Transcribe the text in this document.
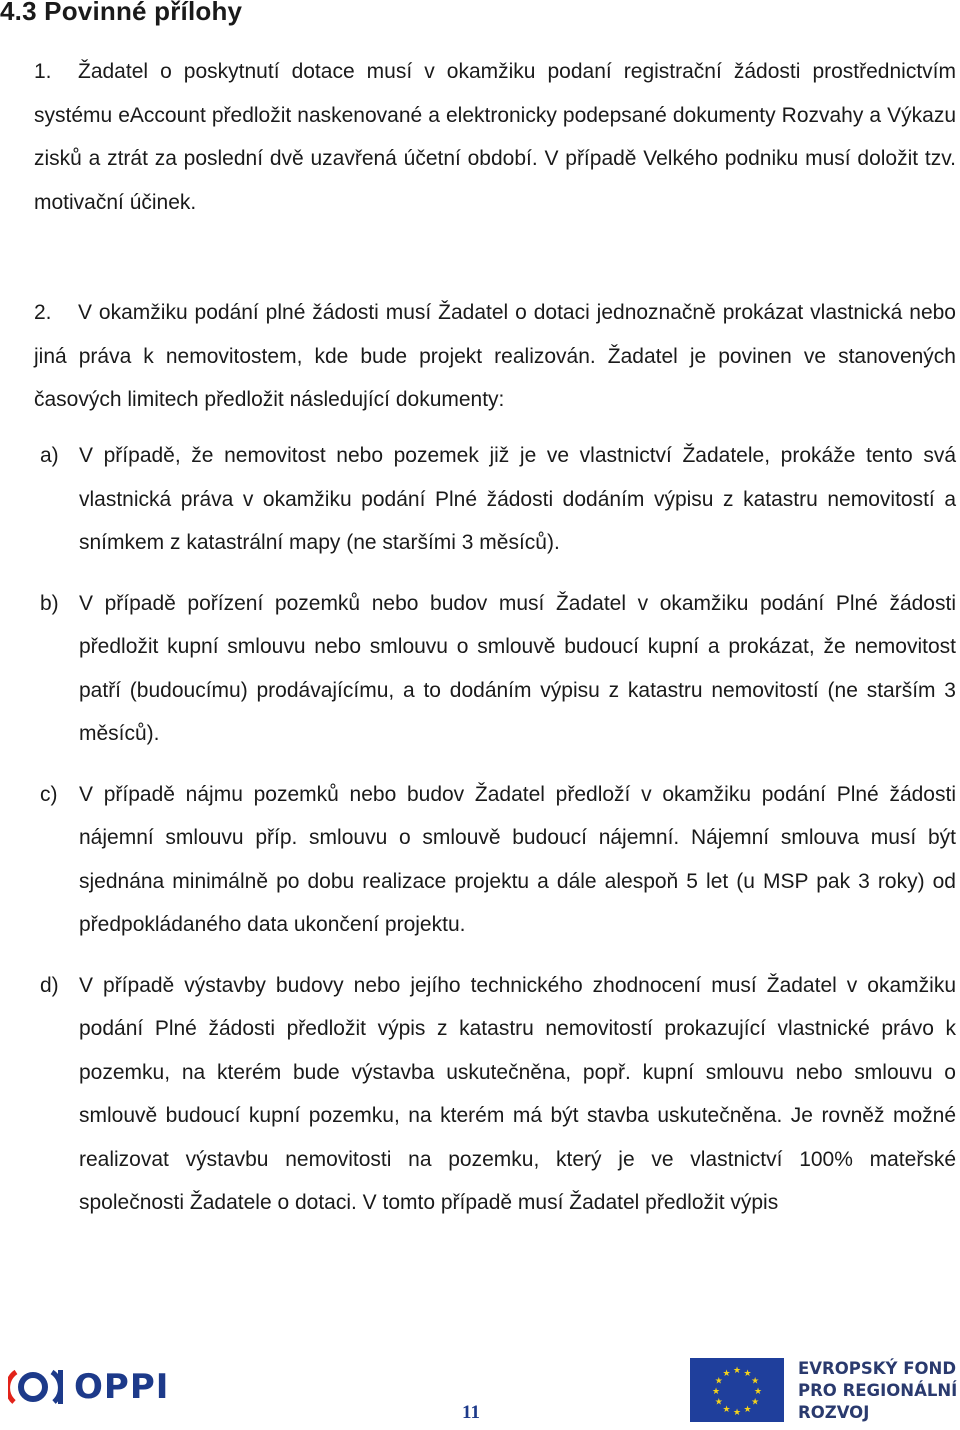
4.3 Povinné přílohy

1. Žadatel o poskytnutí dotace musí v okamžiku podaní registrační žádosti prostřednictvím systému eAccount předložit naskenované a elektronicky podepsané dokumenty Rozvahy a Výkazu zisků a ztrát za poslední dvě uzavřená účetní období. V případě Velkého podniku musí doložit tzv. motivační účinek.

2. V okamžiku podání plné žádosti musí Žadatel o dotaci jednoznačně prokázat vlastnická nebo jiná práva k nemovitostem, kde bude projekt realizován. Žadatel je povinen ve stanovených časových limitech předložit následující dokumenty:

a) V případě, že nemovitost nebo pozemek již je ve vlastnictví Žadatele, prokáže tento svá vlastnická práva v okamžiku podání Plné žádosti dodáním výpisu z katastru nemovitostí a snímkem z katastrální mapy (ne staršími 3 měsíců).
b) V případě pořízení pozemků nebo budov musí Žadatel v okamžiku podání Plné žádosti předložit kupní smlouvu nebo smlouvu o smlouvě budoucí kupní a prokázat, že nemovitost patří (budoucímu) prodávajícímu, a to dodáním výpisu z katastru nemovitostí (ne starším 3 měsíců).
c) V případě nájmu pozemků nebo budov Žadatel předloží v okamžiku podání Plné žádosti nájemní smlouvu příp. smlouvu o smlouvě budoucí nájemní. Nájemní smlouva musí být sjednána minimálně po dobu realizace projektu a dále alespoň 5 let (u MSP pak 3 roky) od předpokládaného data ukončení projektu.
d) V případě výstavby budovy nebo jejího technického zhodnocení musí Žadatel v okamžiku podání Plné žádosti předložit výpis z katastru nemovitostí prokazující vlastnické právo k pozemku, na kterém bude výstavba uskutečněna, popř. kupní smlouvu nebo smlouvu o smlouvě budoucí kupní pozemku, na kterém má být stavba uskutečněna. Je rovněž možné realizovat výstavbu nemovitosti na pozemku, který je ve vlastnictví 100% mateřské společnosti Žadatele o dotaci. V tomto případě musí Žadatel předložit výpis
OPPI
11
★ ★
★
★
★
★
★
★
★
★
★
★	EVROPSKÝ FOND
PRO REGIONÁLNÍ
ROZVOJ
